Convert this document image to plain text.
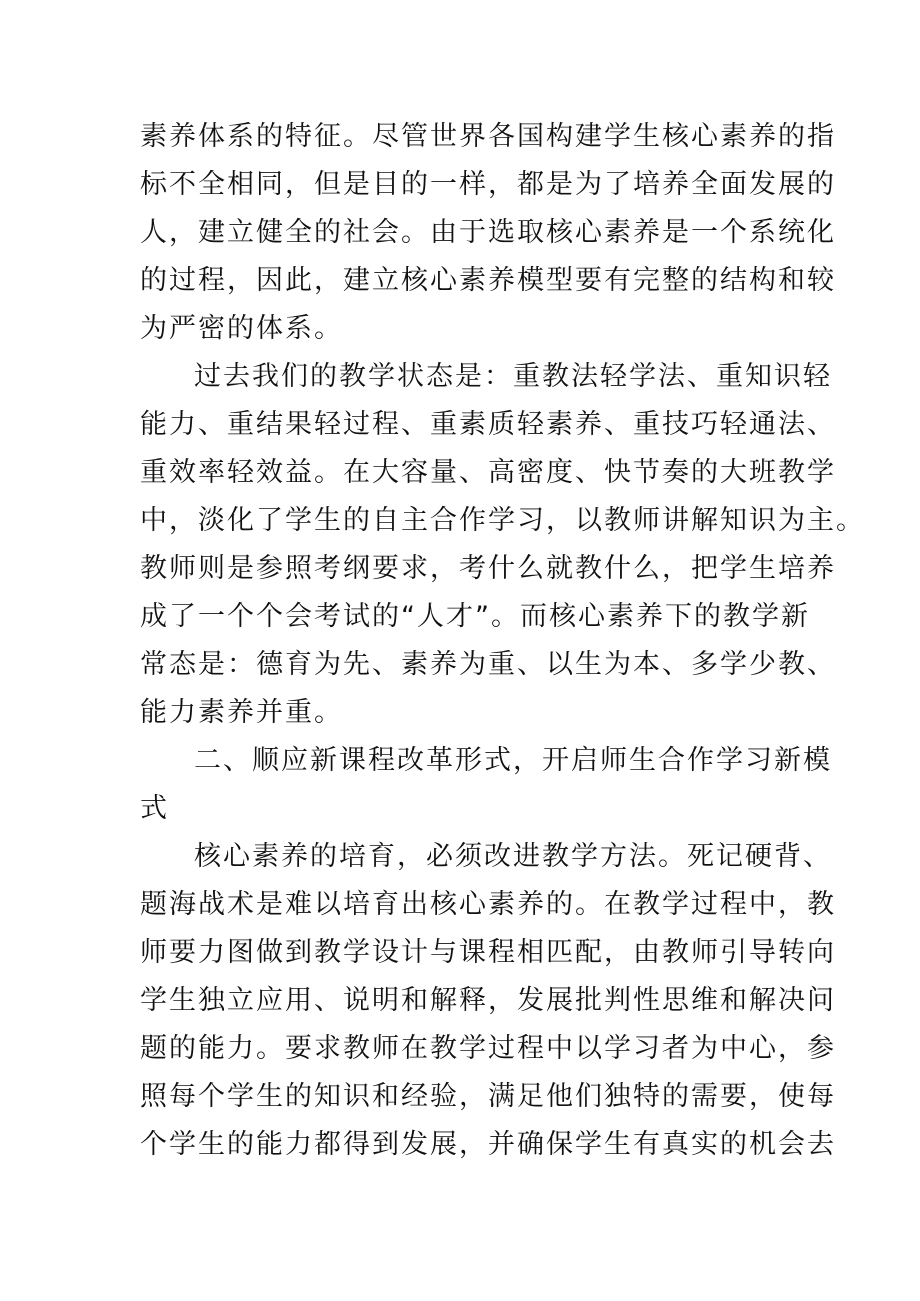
素养体系的特征。尽管世界各国构建学生核心素养的指
标不全相同，但是目的一样，都是为了培养全面发展的
人，建立健全的社会。由于选取核心素养是一个系统化
的过程，因此，建立核心素养模型要有完整的结构和较
为严密的体系。
过去我们的教学状态是：重教法轻学法、重知识轻
能力、重结果轻过程、重素质轻素养、重技巧轻通法、
重效率轻效益。在大容量、高密度、快节奏的大班教学
中，淡化了学生的自主合作学习，以教师讲解知识为主。
教师则是参照考纲要求，考什么就教什么，把学生培养
成了一个个会考试的“人才”。而核心素养下的教学新
常态是：德育为先、素养为重、以生为本、多学少教、
能力素养并重。
二、顺应新课程改革形式，开启师生合作学习新模
式
核心素养的培育，必须改进教学方法。死记硬背、
题海战术是难以培育出核心素养的。在教学过程中，教
师要力图做到教学设计与课程相匹配，由教师引导转向
学生独立应用、说明和解释，发展批判性思维和解决问
题的能力。要求教师在教学过程中以学习者为中心，参
照每个学生的知识和经验，满足他们独特的需要，使每
个学生的能力都得到发展，并确保学生有真实的机会去
